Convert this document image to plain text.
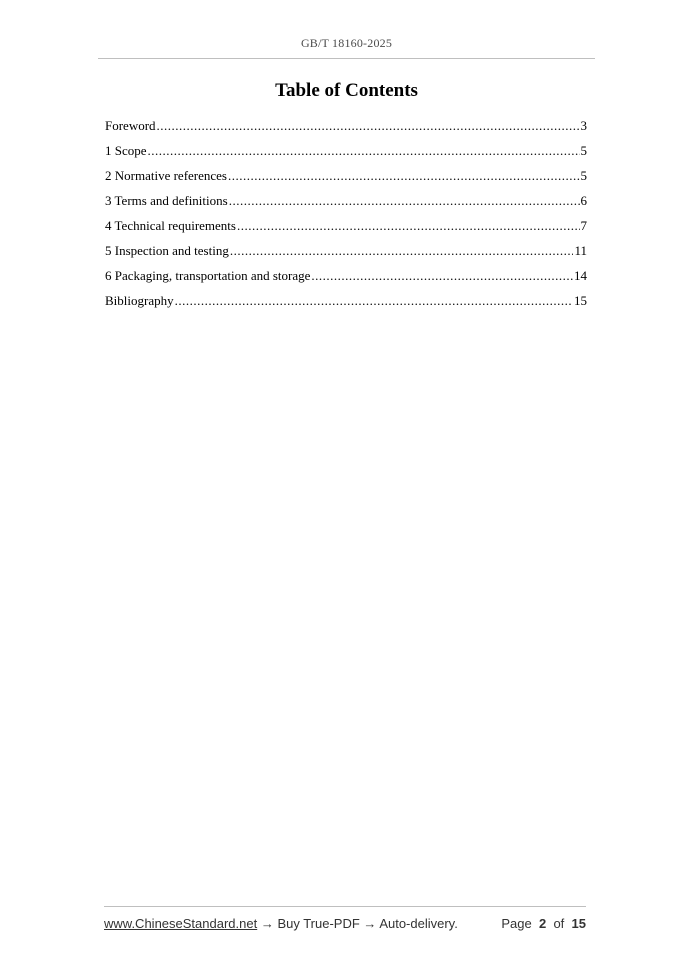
GB/T 18160-2025
Table of Contents
Foreword .....	3
1 Scope .....	5
2 Normative references .....	5
3 Terms and definitions .....	6
4 Technical requirements .....	7
5 Inspection and testing .....	11
6 Packaging, transportation and storage .....	14
Bibliography .....	15
www.ChineseStandard.net → Buy True-PDF → Auto-delivery.	Page 2 of 15
